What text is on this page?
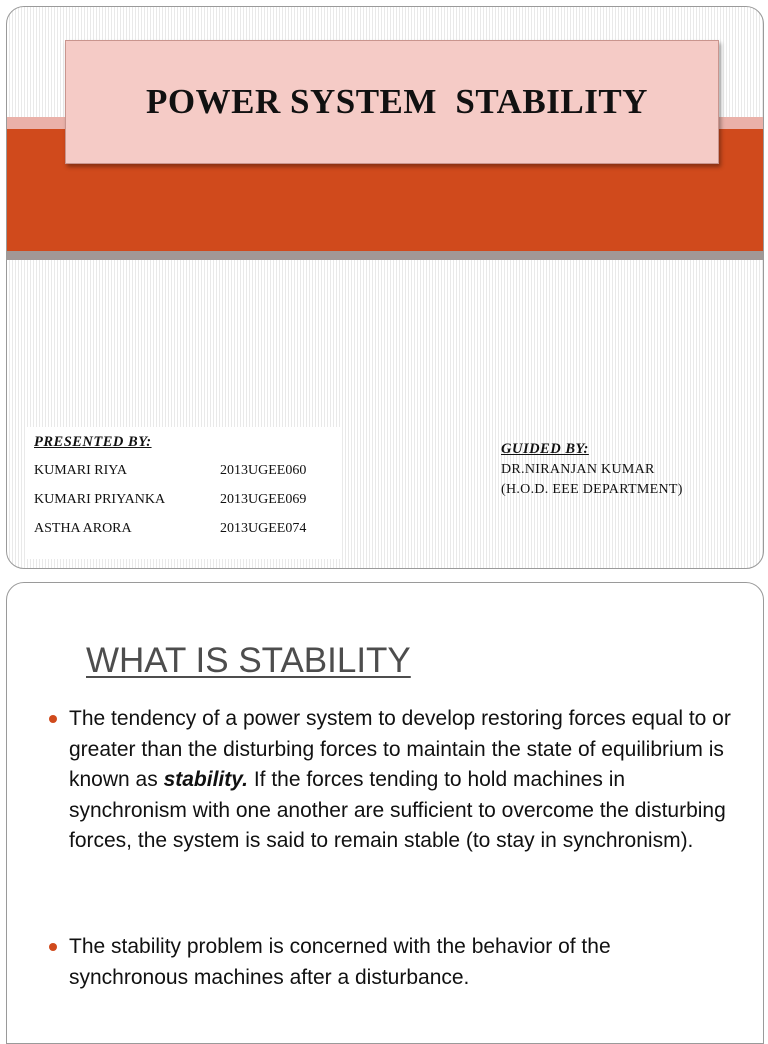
POWER SYSTEM  STABILITY
PRESENTED BY:
KUMARI RIYA	2013UGEE060
KUMARI PRIYANKA	2013UGEE069
ASTHA ARORA	2013UGEE074
GUIDED BY:
DR.NIRANJAN KUMAR
(H.O.D. EEE DEPARTMENT)
WHAT IS STABILITY
The tendency of a power system to develop restoring forces equal to or greater than the disturbing forces to maintain the state of equilibrium is known as stability. If the forces tending to hold machines in synchronism with one another are sufficient to overcome the disturbing forces, the system is said to remain stable (to stay in synchronism).
The stability problem is concerned with the behavior of the synchronous machines after a disturbance.
